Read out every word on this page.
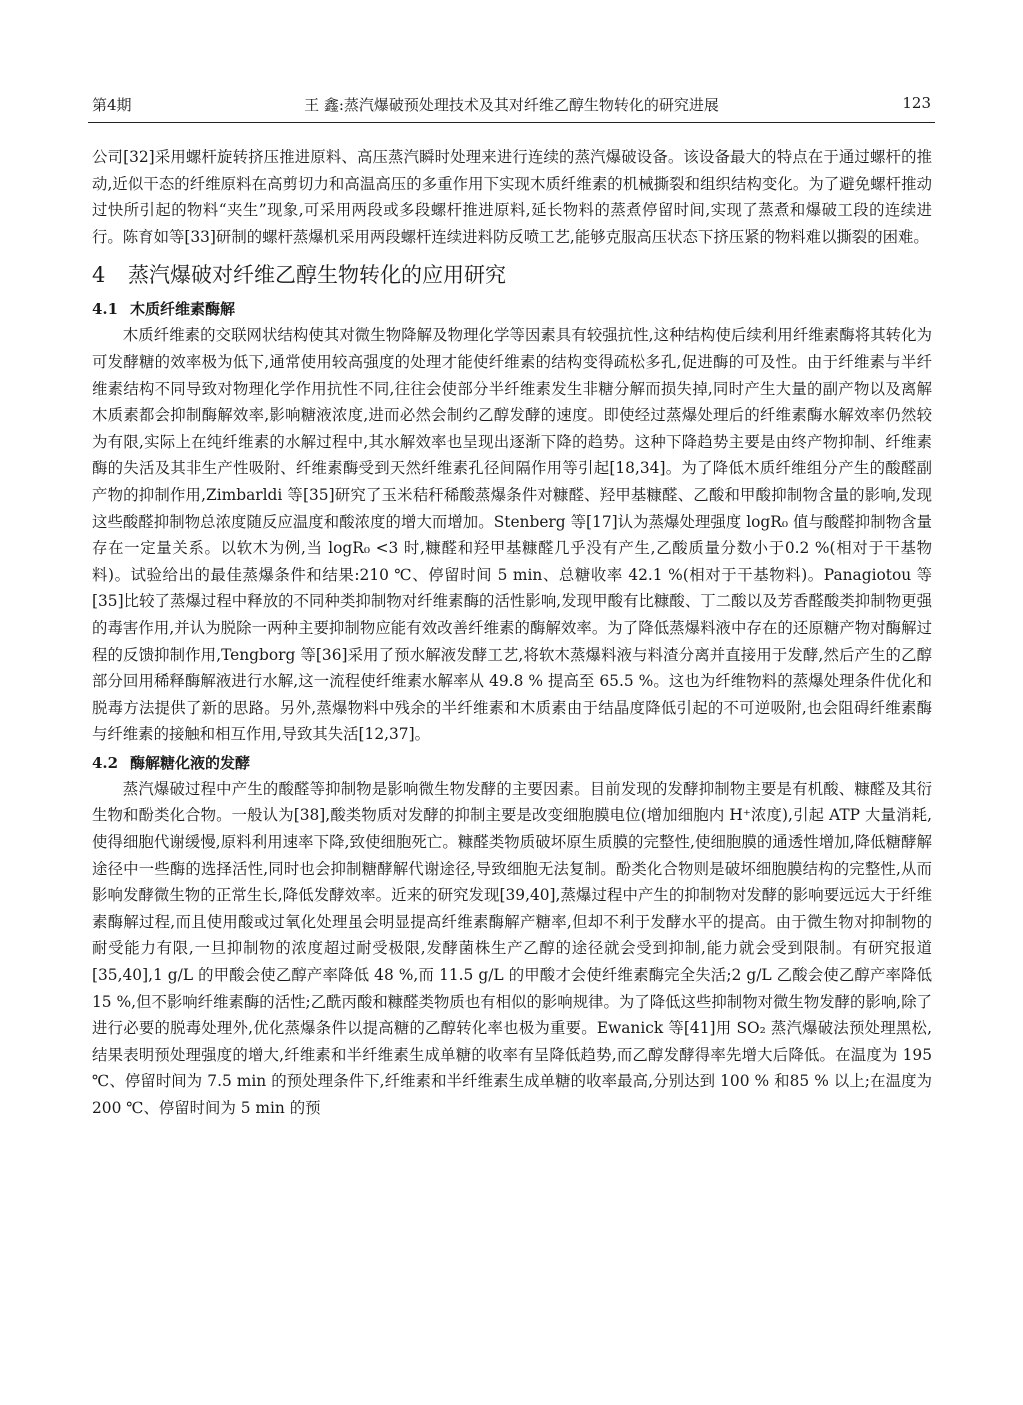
第4期	王 鑫:蒸汽爆破预处理技术及其对纤维乙醇生物转化的研究进展	123

公司[32]采用螺杆旋转挤压推进原料、高压蒸汽瞬时处理来进行连续的蒸汽爆破设备。该设备最大的特点在于通过螺杆的推动,近似干态的纤维原料在高剪切力和高温高压的多重作用下实现木质纤维素的机械撕裂和组织结构变化。为了避免螺杆推动过快所引起的物料“夹生”现象,可采用两段或多段螺杆推进原料,延长物料的蒸煮停留时间,实现了蒸煮和爆破工段的连续进行。陈育如等[33]研制的螺杆蒸爆机采用两段螺杆连续进料防反喷工艺,能够克服高压状态下挤压紧的物料难以撕裂的困难。

4 蒸汽爆破对纤维乙醇生物转化的应用研究
4.1 木质纤维素酶解

木质纤维素的交联网状结构使其对微生物降解及物理化学等因素具有较强抗性,这种结构使后续利用纤维素酶将其转化为可发酵糖的效率极为低下,通常使用较高强度的处理才能使纤维素的结构变得疏松多孔,促进酶的可及性。由于纤维素与半纤维素结构不同导致对物理化学作用抗性不同,往往会使部分半纤维素发生非糖分解而损失掉,同时产生大量的副产物以及离解木质素都会抑制酶解效率,影响糖液浓度,进而必然会制约乙醇发酵的速度。即使经过蒸爆处理后的纤维素酶水解效率仍然较为有限,实际上在纯纤维素的水解过程中,其水解效率也呈现出逐渐下降的趋势。这种下降趋势主要是由终产物抑制、纤维素酶的失活及其非生产性吸附、纤维素酶受到天然纤维素孔径间隔作用等引起[18,34]。为了降低木质纤维组分产生的酸醛副产物的抑制作用,Zimbarldi 等[35]研究了玉米秸秆稀酸蒸爆条件对糠醛、羟甲基糠醛、乙酸和甲酸抑制物含量的影响,发现这些酸醛抑制物总浓度随反应温度和酸浓度的增大而增加。Stenberg 等[17]认为蒸爆处理强度 logR₀ 值与酸醛抑制物含量存在一定量关系。以软木为例,当 logR₀ <3 时,糠醛和羟甲基糠醛几乎没有产生,乙酸质量分数小于0.2 %(相对于干基物料)。试验给出的最佳蒸爆条件和结果:210 ℃、停留时间 5 min、总糖收率 42.1 %(相对于干基物料)。Panagiotou 等[35]比较了蒸爆过程中释放的不同种类抑制物对纤维素酶的活性影响,发现甲酸有比糠酸、丁二酸以及芳香醛酸类抑制物更强的毒害作用,并认为脱除一两种主要抑制物应能有效改善纤维素的酶解效率。为了降低蒸爆料液中存在的还原糖产物对酶解过程的反馈抑制作用,Tengborg 等[36]采用了预水解液发酵工艺,将软木蒸爆料液与料渣分离并直接用于发酵,然后产生的乙醇部分回用稀释酶解液进行水解,这一流程使纤维素水解率从 49.8 % 提高至 65.5 %。这也为纤维物料的蒸爆处理条件优化和脱毒方法提供了新的思路。另外,蒸爆物料中残余的半纤维素和木质素由于结晶度降低引起的不可逆吸附,也会阻碍纤维素酶与纤维素的接触和相互作用,导致其失活[12,37]。

4.2 酶解糖化液的发酵

蒸汽爆破过程中产生的酸醛等抑制物是影响微生物发酵的主要因素。目前发现的发酵抑制物主要是有机酸、糠醛及其衍生物和酚类化合物。一般认为[38],酸类物质对发酵的抑制主要是改变细胞膜电位(增加细胞内 H⁺浓度),引起 ATP 大量消耗,使得细胞代谢缓慢,原料利用速率下降,致使细胞死亡。糠醛类物质破坏原生质膜的完整性,使细胞膜的通透性增加,降低糖酵解途径中一些酶的选择活性,同时也会抑制糖酵解代谢途径,导致细胞无法复制。酚类化合物则是破坏细胞膜结构的完整性,从而影响发酵微生物的正常生长,降低发酵效率。近来的研究发现[39,40],蒸爆过程中产生的抑制物对发酵的影响要远远大于纤维素酶解过程,而且使用酸或过氧化处理虽会明显提高纤维素酶解产糖率,但却不利于发酵水平的提高。由于微生物对抑制物的耐受能力有限,一旦抑制物的浓度超过耐受极限,发酵菌株生产乙醇的途径就会受到抑制,能力就会受到限制。有研究报道[35,40],1 g/L 的甲酸会使乙醇产率降低 48 %,而 11.5 g/L 的甲酸才会使纤维素酶完全失活;2 g/L 乙酸会使乙醇产率降低 15 %,但不影响纤维素酶的活性;乙酰丙酸和糠醛类物质也有相似的影响规律。为了降低这些抑制物对微生物发酵的影响,除了进行必要的脱毒处理外,优化蒸爆条件以提高糖的乙醇转化率也极为重要。Ewanick 等[41]用 SO₂ 蒸汽爆破法预处理黑松,结果表明预处理强度的增大,纤维素和半纤维素生成单糖的收率有呈降低趋势,而乙醇发酵得率先增大后降低。在温度为 195 ℃、停留时间为 7.5 min 的预处理条件下,纤维素和半纤维素生成单糖的收率最高,分别达到 100 % 和85 % 以上;在温度为 200 ℃、停留时间为 5 min 的预
